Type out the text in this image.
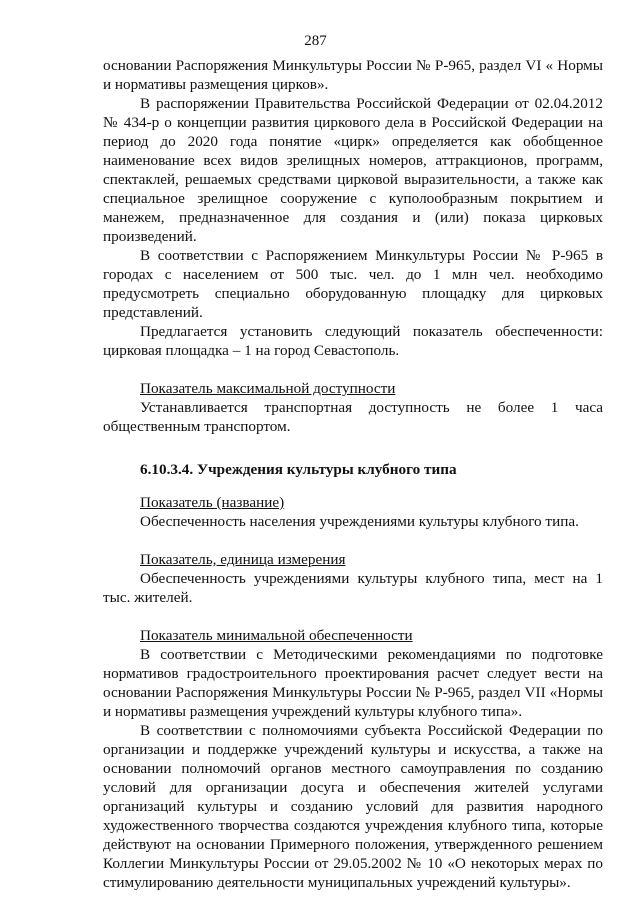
287

основании Распоряжения Минкультуры России № Р-965, раздел VI « Нормы и нормативы размещения цирков».

В распоряжении Правительства Российской Федерации от 02.04.2012 № 434-р о концепции развития циркового дела в Российской Федерации на период до 2020 года понятие «цирк» определяется как обобщенное наименование всех видов зрелищных номеров, аттракционов, программ, спектаклей, решаемых средствами цирковой выразительности, а также как специальное зрелищное сооружение с куполообразным покрытием и манежем, предназначенное для создания и (или) показа цирковых произведений.

В соответствии с Распоряжением Минкультуры России № Р-965 в городах с населением от 500 тыс. чел. до 1 млн чел. необходимо предусмотреть специально оборудованную площадку для цирковых представлений.

Предлагается установить следующий показатель обеспеченности: цирковая площадка – 1 на город Севастополь.

Показатель максимальной доступности

Устанавливается транспортная доступность не более 1 часа общественным транспортом.

6.10.3.4. Учреждения культуры клубного типа

Показатель (название)

Обеспеченность населения учреждениями культуры клубного типа.

Показатель, единица измерения

Обеспеченность учреждениями культуры клубного типа, мест на 1 тыс. жителей.

Показатель минимальной обеспеченности

В соответствии с Методическими рекомендациями по подготовке нормативов градостроительного проектирования расчет следует вести на основании Распоряжения Минкультуры России № Р-965, раздел VII «Нормы и нормативы размещения учреждений культуры клубного типа».

В соответствии с полномочиями субъекта Российской Федерации по организации и поддержке учреждений культуры и искусства, а также на основании полномочий органов местного самоуправления по созданию условий для организации досуга и обеспечения жителей услугами организаций культуры и созданию условий для развития народного художественного творчества создаются учреждения клубного типа, которые действуют на основании Примерного положения, утвержденного решением Коллегии Минкультуры России от 29.05.2002 № 10 «О некоторых мерах по стимулированию деятельности муниципальных учреждений культуры».
